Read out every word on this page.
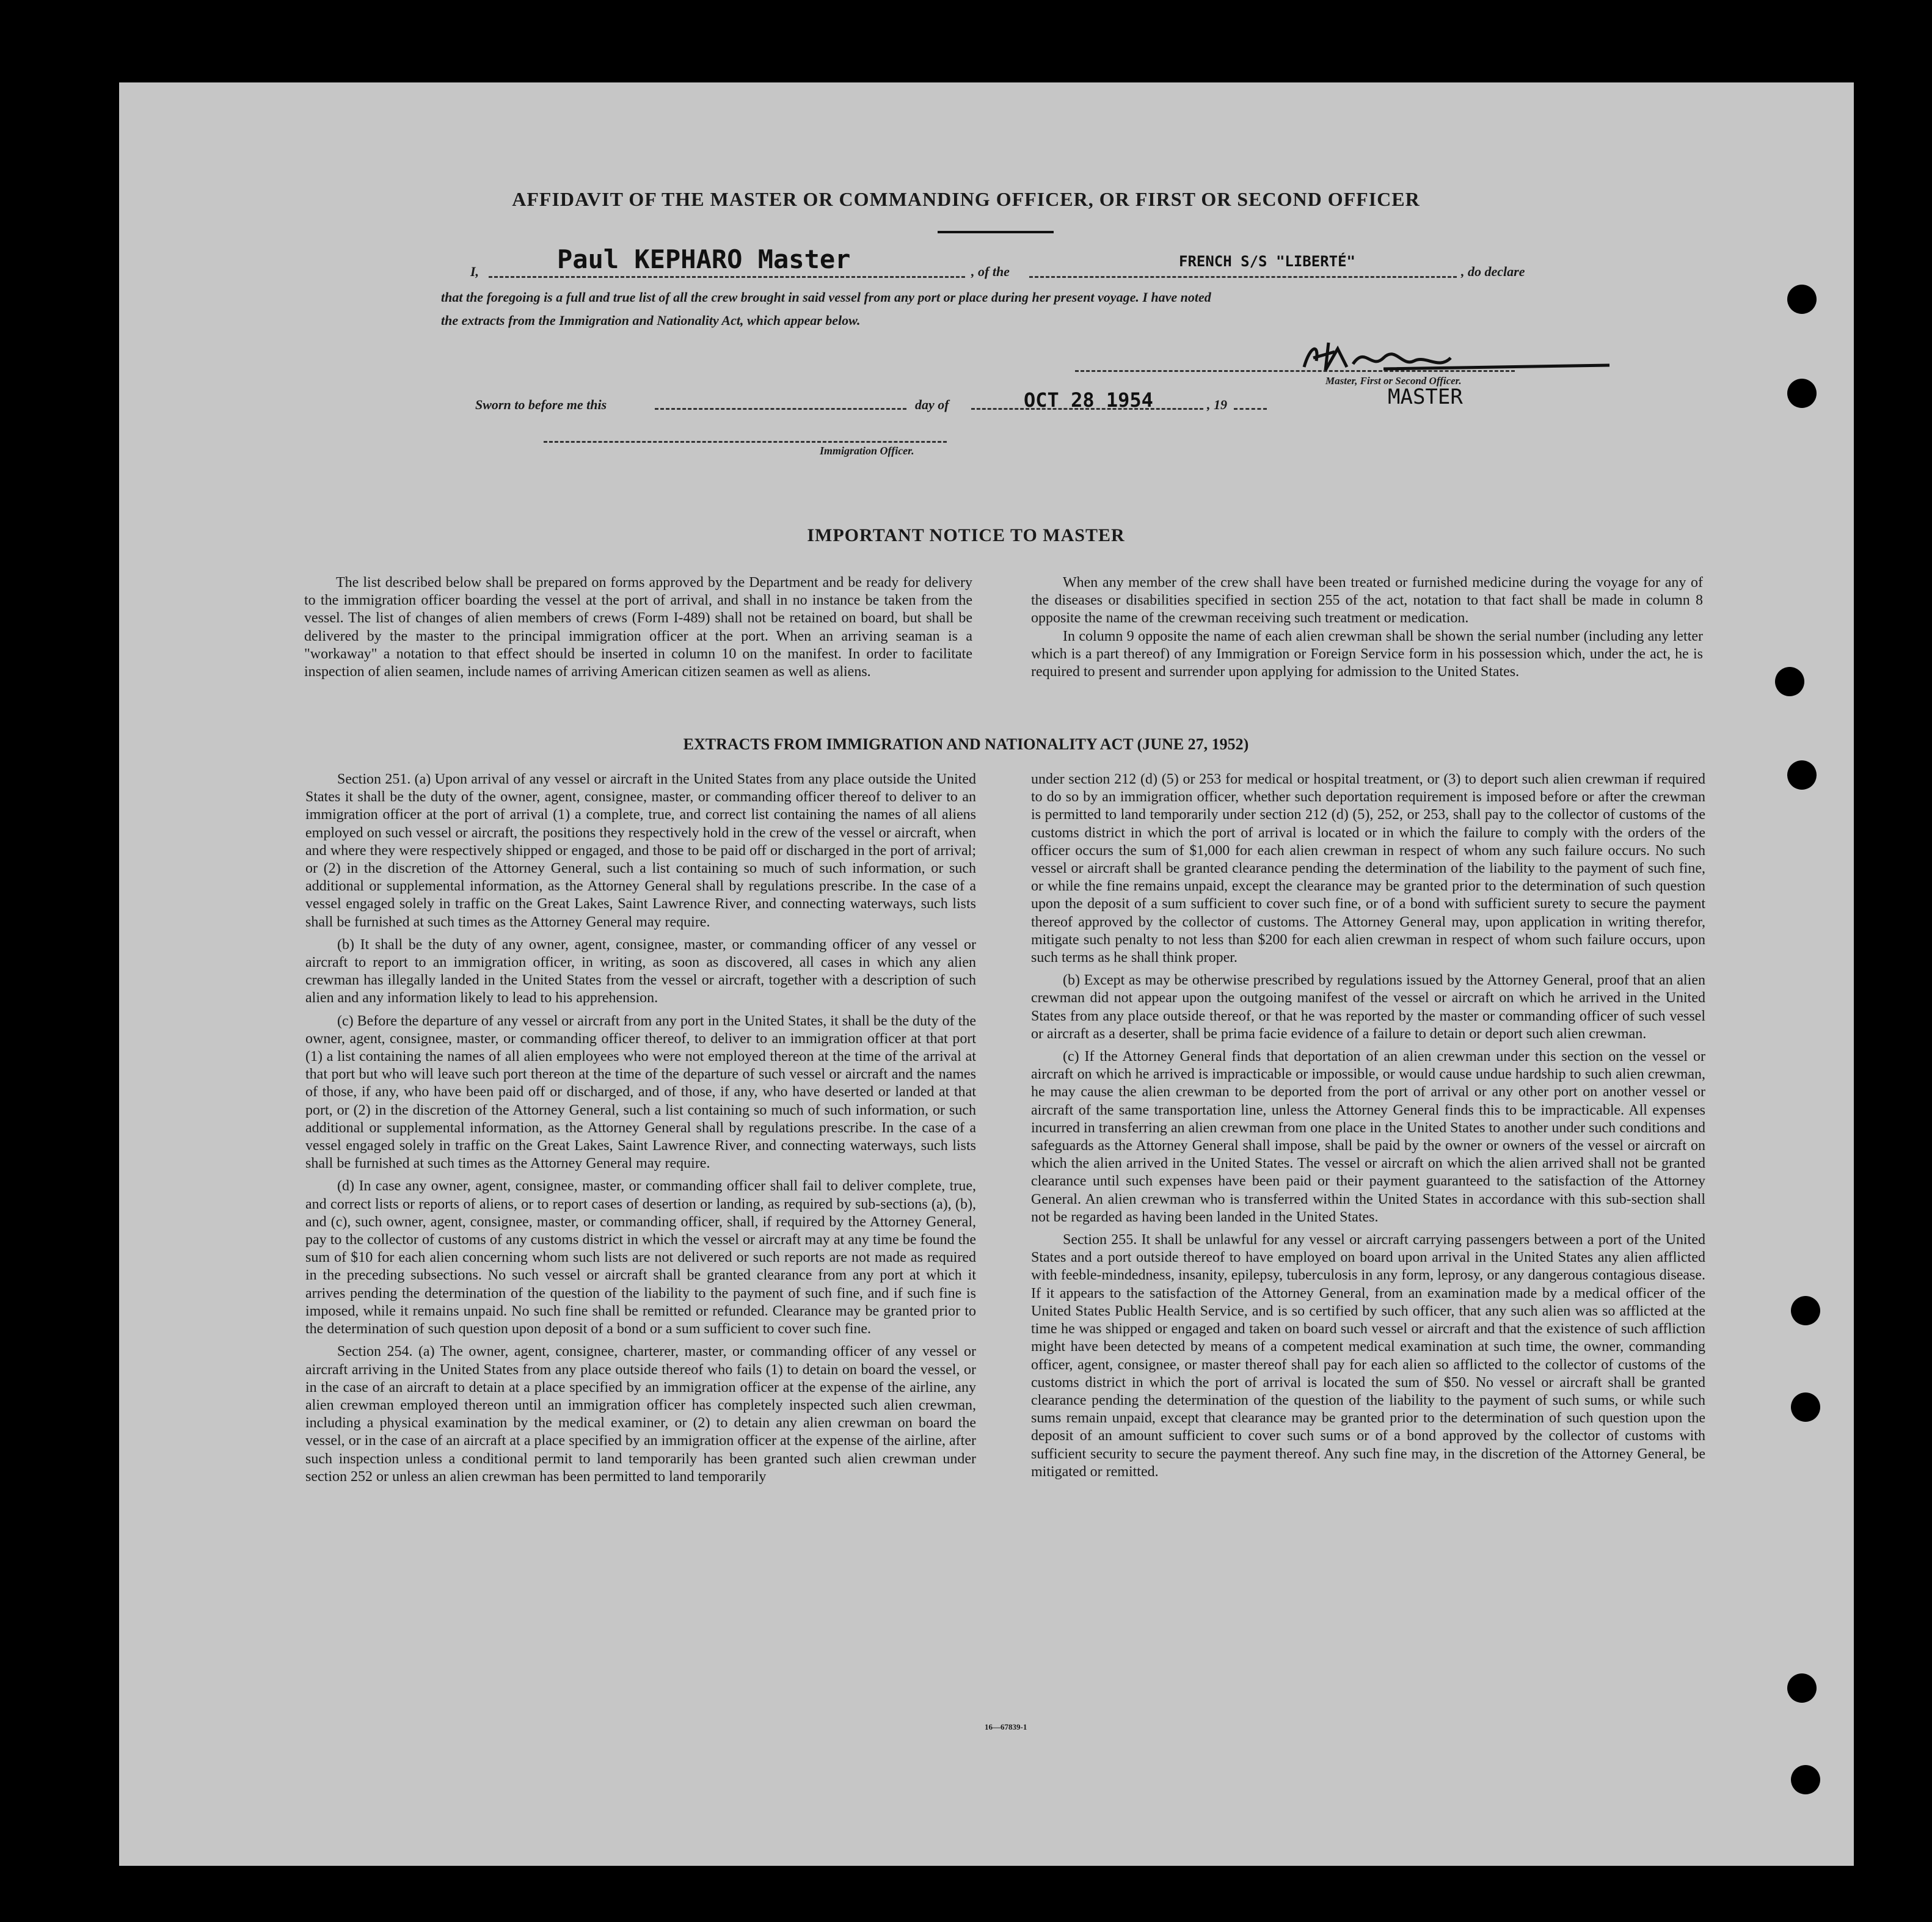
AFFIDAVIT OF THE MASTER OR COMMANDING OFFICER, OR FIRST OR SECOND OFFICER
I,	Paul KEPHARO Master	, of the
FRENCH S/S "LIBERTÉ"
, do declare
that the foregoing is a full and true list of all the crew brought in said vessel from any port or place during her present voyage. I have noted
the extracts from the Immigration and Nationality Act, which appear below.
Master, First or Second Officer.
MASTER
Sworn to before me this	day of	OCT 28 1954	, 19
Immigration Officer.
IMPORTANT NOTICE TO MASTER

The list described below shall be prepared on forms approved by the Department and be ready for delivery to the immigration officer boarding the vessel at the port of arrival, and shall in no instance be taken from the vessel. The list of changes of alien members of crews (Form I-489) shall not be retained on board, but shall be delivered by the master to the principal immigration officer at the port. When an arriving seaman is a "workaway" a notation to that effect should be inserted in column 10 on the manifest. In order to facilitate inspection of alien seamen, include names of arriving American citizen seamen as well as aliens.

When any member of the crew shall have been treated or furnished medicine during the voyage for any of the diseases or disabilities specified in section 255 of the act, notation to that fact shall be made in column 8 opposite the name of the crewman receiving such treatment or medication.

In column 9 opposite the name of each alien crewman shall be shown the serial number (including any letter which is a part thereof) of any Immigration or Foreign Service form in his possession which, under the act, he is required to present and surrender upon applying for admission to the United States.

EXTRACTS FROM IMMIGRATION AND NATIONALITY ACT (JUNE 27, 1952)

Section 251. (a) Upon arrival of any vessel or aircraft in the United States from any place outside the United States it shall be the duty of the owner, agent, consignee, master, or commanding officer thereof to deliver to an immigration officer at the port of arrival (1) a complete, true, and correct list containing the names of all aliens employed on such vessel or aircraft, the positions they respectively hold in the crew of the vessel or aircraft, when and where they were respectively shipped or engaged, and those to be paid off or discharged in the port of arrival; or (2) in the discretion of the Attorney General, such a list containing so much of such information, or such additional or supplemental information, as the Attorney General shall by regulations prescribe. In the case of a vessel engaged solely in traffic on the Great Lakes, Saint Lawrence River, and connecting waterways, such lists shall be furnished at such times as the Attorney General may require.

(b) It shall be the duty of any owner, agent, consignee, master, or commanding officer of any vessel or aircraft to report to an immigration officer, in writing, as soon as discovered, all cases in which any alien crewman has illegally landed in the United States from the vessel or aircraft, together with a description of such alien and any information likely to lead to his apprehension.

(c) Before the departure of any vessel or aircraft from any port in the United States, it shall be the duty of the owner, agent, consignee, master, or commanding officer thereof, to deliver to an immigration officer at that port (1) a list containing the names of all alien employees who were not employed thereon at the time of the arrival at that port but who will leave such port thereon at the time of the departure of such vessel or aircraft and the names of those, if any, who have been paid off or discharged, and of those, if any, who have deserted or landed at that port, or (2) in the discretion of the Attorney General, such a list containing so much of such information, or such additional or supplemental information, as the Attorney General shall by regulations prescribe. In the case of a vessel engaged solely in traffic on the Great Lakes, Saint Lawrence River, and connecting waterways, such lists shall be furnished at such times as the Attorney General may require.

(d) In case any owner, agent, consignee, master, or commanding officer shall fail to deliver complete, true, and correct lists or reports of aliens, or to report cases of desertion or landing, as required by sub-sections (a), (b), and (c), such owner, agent, consignee, master, or commanding officer, shall, if required by the Attorney General, pay to the collector of customs of any customs district in which the vessel or aircraft may at any time be found the sum of $10 for each alien concerning whom such lists are not delivered or such reports are not made as required in the preceding subsections. No such vessel or aircraft shall be granted clearance from any port at which it arrives pending the determination of the question of the liability to the payment of such fine, and if such fine is imposed, while it remains unpaid. No such fine shall be remitted or refunded. Clearance may be granted prior to the determination of such question upon deposit of a bond or a sum sufficient to cover such fine.

Section 254. (a) The owner, agent, consignee, charterer, master, or commanding officer of any vessel or aircraft arriving in the United States from any place outside thereof who fails (1) to detain on board the vessel, or in the case of an aircraft to detain at a place specified by an immigration officer at the expense of the airline, any alien crewman employed thereon until an immigration officer has completely inspected such alien crewman, including a physical examination by the medical examiner, or (2) to detain any alien crewman on board the vessel, or in the case of an aircraft at a place specified by an immigration officer at the expense of the airline, after such inspection unless a conditional permit to land temporarily has been granted such alien crewman under section 252 or unless an alien crewman has been permitted to land temporarily

under section 212 (d) (5) or 253 for medical or hospital treatment, or (3) to deport such alien crewman if required to do so by an immigration officer, whether such deportation requirement is imposed before or after the crewman is permitted to land temporarily under section 212 (d) (5), 252, or 253, shall pay to the collector of customs of the customs district in which the port of arrival is located or in which the failure to comply with the orders of the officer occurs the sum of $1,000 for each alien crewman in respect of whom any such failure occurs. No such vessel or aircraft shall be granted clearance pending the determination of the liability to the payment of such fine, or while the fine remains unpaid, except the clearance may be granted prior to the determination of such question upon the deposit of a sum sufficient to cover such fine, or of a bond with sufficient surety to secure the payment thereof approved by the collector of customs. The Attorney General may, upon application in writing therefor, mitigate such penalty to not less than $200 for each alien crewman in respect of whom such failure occurs, upon such terms as he shall think proper.

(b) Except as may be otherwise prescribed by regulations issued by the Attorney General, proof that an alien crewman did not appear upon the outgoing manifest of the vessel or aircraft on which he arrived in the United States from any place outside thereof, or that he was reported by the master or commanding officer of such vessel or aircraft as a deserter, shall be prima facie evidence of a failure to detain or deport such alien crewman.

(c) If the Attorney General finds that deportation of an alien crewman under this section on the vessel or aircraft on which he arrived is impracticable or impossible, or would cause undue hardship to such alien crewman, he may cause the alien crewman to be deported from the port of arrival or any other port on another vessel or aircraft of the same transportation line, unless the Attorney General finds this to be impracticable. All expenses incurred in transferring an alien crewman from one place in the United States to another under such conditions and safeguards as the Attorney General shall impose, shall be paid by the owner or owners of the vessel or aircraft on which the alien arrived in the United States. The vessel or aircraft on which the alien arrived shall not be granted clearance until such expenses have been paid or their payment guaranteed to the satisfaction of the Attorney General. An alien crewman who is transferred within the United States in accordance with this sub-section shall not be regarded as having been landed in the United States.

Section 255. It shall be unlawful for any vessel or aircraft carrying passengers between a port of the United States and a port outside thereof to have employed on board upon arrival in the United States any alien afflicted with feeble-mindedness, insanity, epilepsy, tuberculosis in any form, leprosy, or any dangerous contagious disease. If it appears to the satisfaction of the Attorney General, from an examination made by a medical officer of the United States Public Health Service, and is so certified by such officer, that any such alien was so afflicted at the time he was shipped or engaged and taken on board such vessel or aircraft and that the existence of such affliction might have been detected by means of a competent medical examination at such time, the owner, commanding officer, agent, consignee, or master thereof shall pay for each alien so afflicted to the collector of customs of the customs district in which the port of arrival is located the sum of $50. No vessel or aircraft shall be granted clearance pending the determination of the question of the liability to the payment of such sums, or while such sums remain unpaid, except that clearance may be granted prior to the determination of such question upon the deposit of an amount sufficient to cover such sums or of a bond approved by the collector of customs with sufficient security to secure the payment thereof. Any such fine may, in the discretion of the Attorney General, be mitigated or remitted.

16—67839-1
